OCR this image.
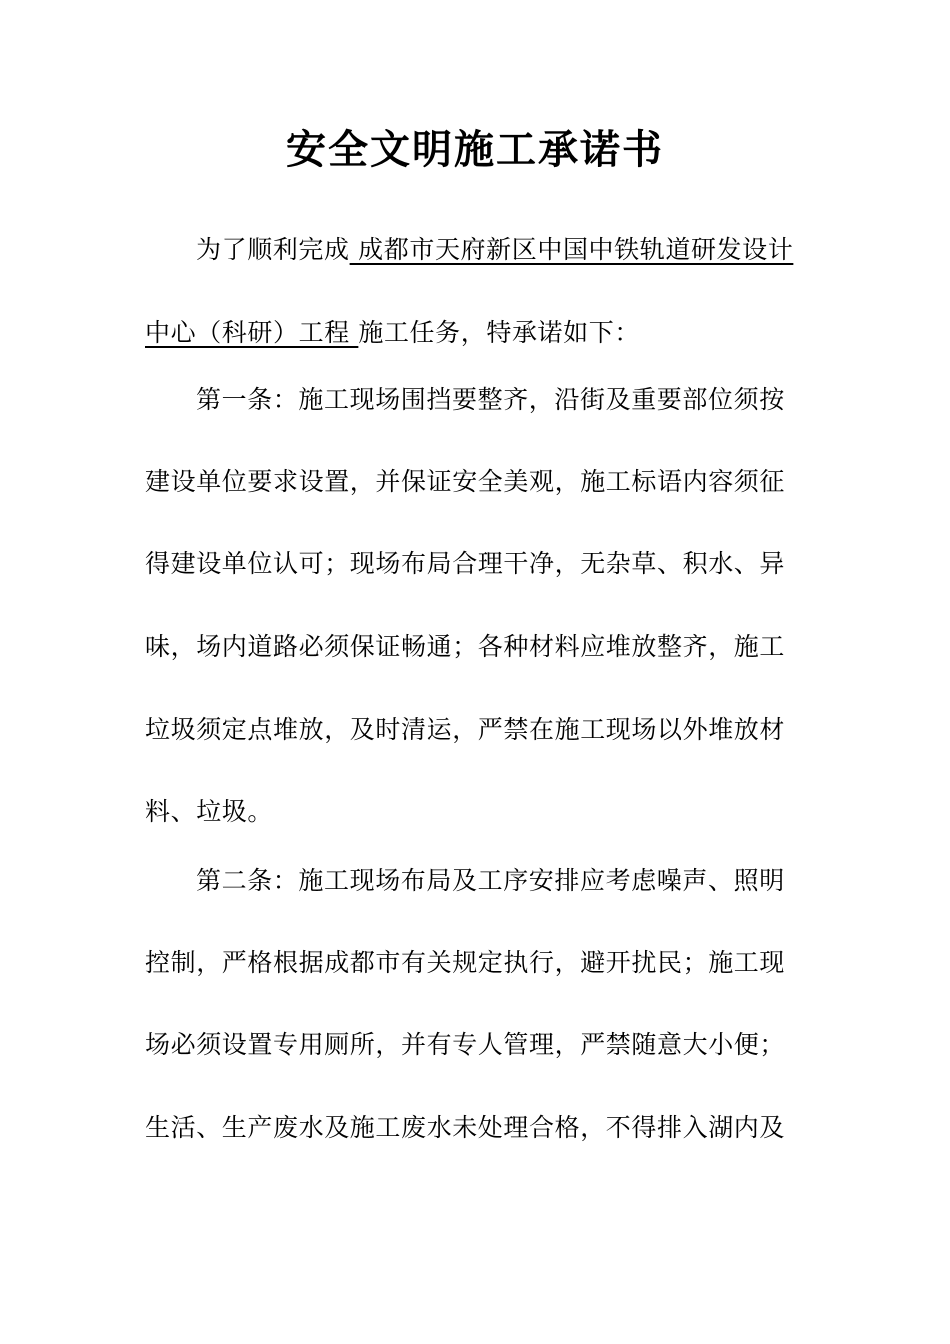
安全文明施工承诺书
为了顺利完成 成都市天府新区中国中铁轨道研发设计
中心（科研）工程 施工任务，特承诺如下：
第一条：施工现场围挡要整齐，沿街及重要部位须按
建设单位要求设置，并保证安全美观，施工标语内容须征
得建设单位认可；现场布局合理干净，无杂草、积水、异
味，场内道路必须保证畅通；各种材料应堆放整齐，施工
垃圾须定点堆放，及时清运，严禁在施工现场以外堆放材
料、垃圾。
第二条：施工现场布局及工序安排应考虑噪声、照明
控制，严格根据成都市有关规定执行，避开扰民；施工现
场必须设置专用厕所，并有专人管理，严禁随意大小便；
生活、生产废水及施工废水未处理合格，不得排入湖内及
